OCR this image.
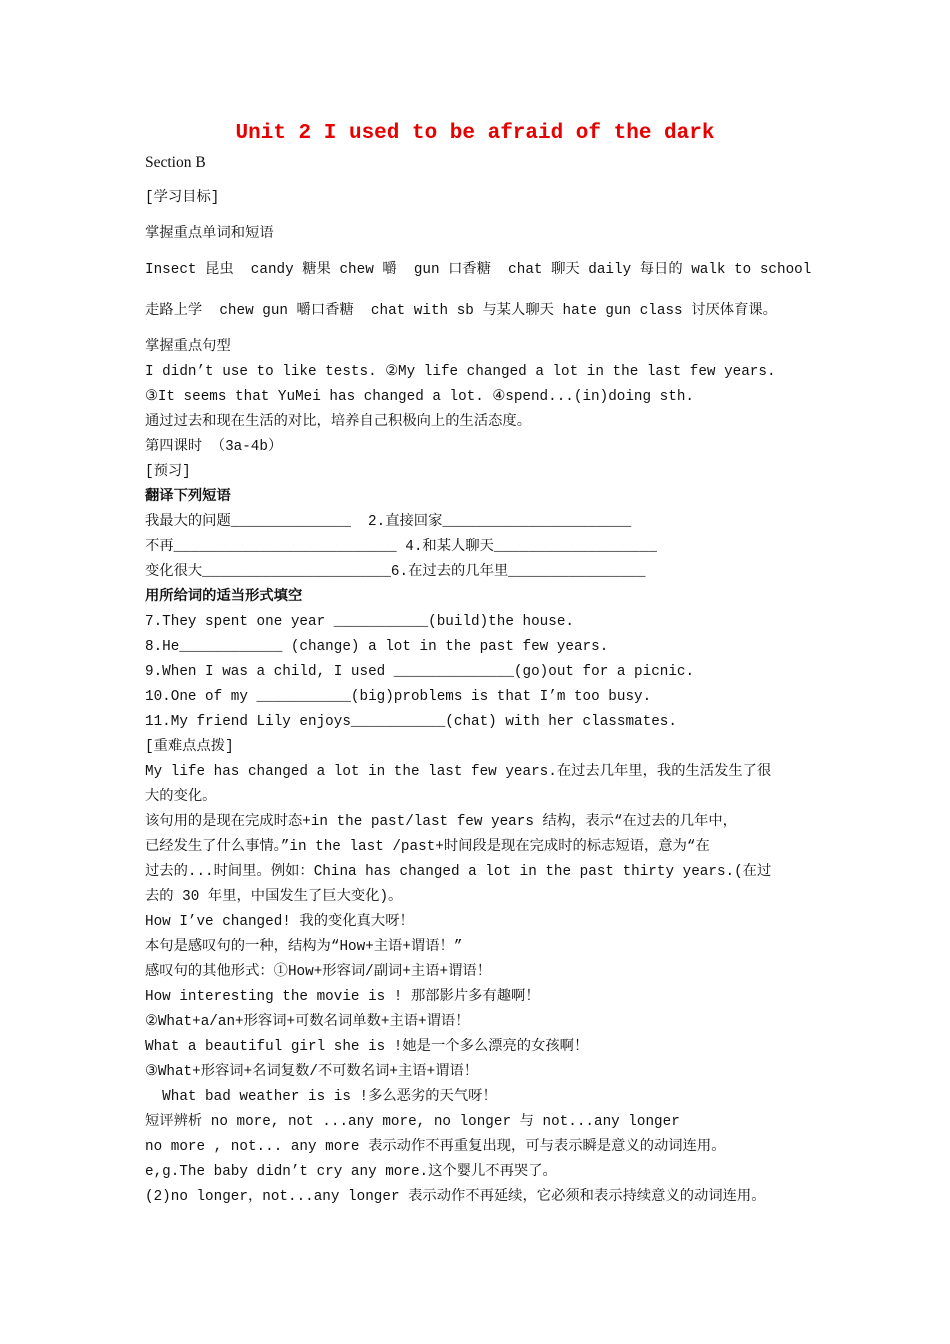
Unit 2 I used to be afraid of the dark
Section B
[学习目标]
掌握重点单词和短语
Insect 昆虫  candy 糖果 chew 嚼  gun 口香糖  chat 聊天 daily 每日的 walk to school
走路上学  chew gun 嚼口香糖  chat with sb 与某人聊天 hate gun class 讨厌体育课。
掌握重点句型
I didn’t use to like tests. ②My life changed a lot in the last few years.
③It seems that YuMei has changed a lot. ④spend...(in)doing sth.
通过过去和现在生活的对比，培养自己积极向上的生活态度。
第四课时 （3a-4b）
[预习]
翻译下列短语
我最大的问题______________  2.直接回家______________________
不再__________________________ 4.和某人聊天___________________
变化很大______________________6.在过去的几年里________________
用所给词的适当形式填空
7.They spent one year ___________(build)the house.
8.He____________ (change) a lot in the past few years.
9.When I was a child, I used ______________(go)out for a picnic.
10.One of my ___________(big)problems is that I’m too busy.
11.My friend Lily enjoys___________(chat) with her classmates.
[重难点点拨]
My life has changed a lot in the last few years.在过去几年里，我的生活发生了很
大的变化。
该句用的是现在完成时态+in the past/last few years 结构，表示“在过去的几年中，
已经发生了什么事情。”in the last /past+时间段是现在完成时的标志短语，意为“在
过去的...时间里。例如：China has changed a lot in the past thirty years.(在过
去的 30 年里，中国发生了巨大变化)。
How I’ve changed! 我的变化真大呀！
本句是感叹句的一种，结构为“How+主语+谓语！”
感叹句的其他形式：①How+形容词/副词+主语+谓语！
How interesting the movie is ! 那部影片多有趣啊！
②What+a/an+形容词+可数名词单数+主语+谓语！
What a beautiful girl she is !她是一个多么漂亮的女孩啊！
③What+形容词+名词复数/不可数名词+主语+谓语！
What bad weather is is !多么恶劣的天气呀！
短评辨析 no more, not ...any more, no longer 与 not...any longer
no more , not... any more 表示动作不再重复出现，可与表示瞬是意义的动词连用。
e,g.The baby didn’t cry any more.这个婴儿不再哭了。
(2)no longer，not...any longer 表示动作不再延续，它必须和表示持续意义的动词连用。
